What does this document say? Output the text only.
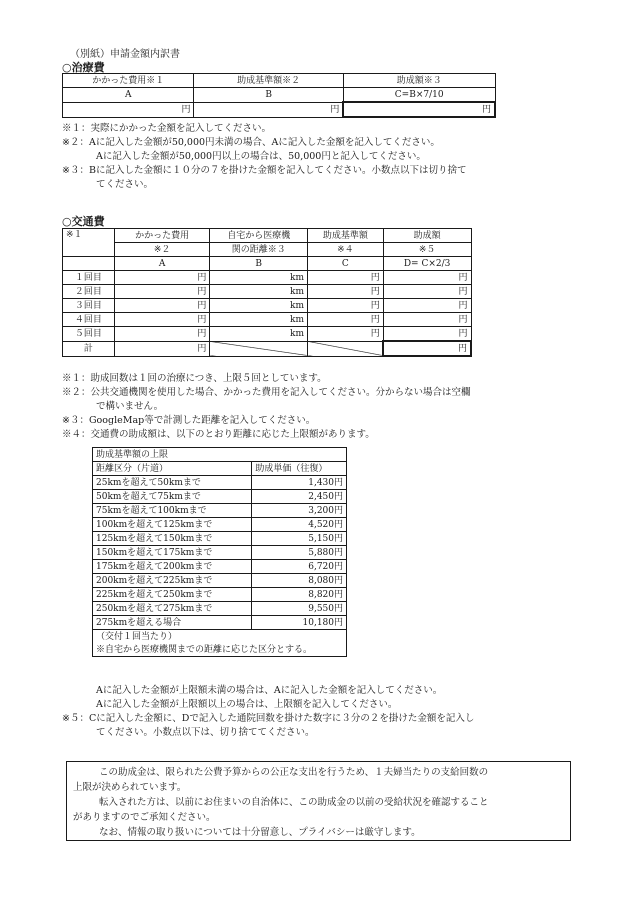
（別紙）申請金額内訳書
○治療費
かかった費用※１	助成基準額※２	助成額※３
A	B	C=B×7/10
円	円	円
※１：実際にかかった金額を記入してください。
※２：Aに記入した金額が50,000円未満の場合、Aに記入した金額を記入してください。
Aに記入した金額が50,000円以上の場合は、50,000円と記入してください。
※３：Bに記入した金額に１０分の７を掛けた金額を記入してください。小数点以下は切り捨て
てください。
○交通費
※１	かかった費用	自宅から医療機	助成基準額	助成額
	※２	関の距離※３	※４	※５
	A	B	C	D= C×2/3
１回目	円	km	円	円
２回目	円	km	円	円
３回目	円	km	円	円
４回目	円	km	円	円
５回目	円	km	円	円
計	円			円
※１：助成回数は１回の治療につき、上限５回としています。
※２：公共交通機関を使用した場合、かかった費用を記入してください。分からない場合は空欄
で構いません。
※３：GoogleMap等で計測した距離を記入してください。
※４：交通費の助成額は、以下のとおり距離に応じた上限額があります。
助成基準額の上限	
距離区分（片道）	助成単価（往復）
25kmを超えて50kmまで	1,430円
50kmを超えて75kmまで	2,450円
75kmを超えて100kmまで	3,200円
100kmを超えて125kmまで	4,520円
125kmを超えて150kmまで	5,150円
150kmを超えて175kmまで	5,880円
175kmを超えて200kmまで	6,720円
200kmを超えて225kmまで	8,080円
225kmを超えて250kmまで	8,820円
250kmを超えて275kmまで	9,550円
275kmを超える場合	10,180円
（交付１回当たり）	
※自宅から医療機関までの距離に応じた区分とする。	
Aに記入した金額が上限額未満の場合は、Aに記入した金額を記入してください。
Aに記入した金額が上限額以上の場合は、上限額を記入してください。
※５：Cに記入した金額に、Dで記入した通院回数を掛けた数字に３分の２を掛けた金額を記入し
てください。小数点以下は、切り捨ててください。
この助成金は、限られた公費予算からの公正な支出を行うため、１夫婦当たりの支給回数の
上限が決められています。
転入された方は、以前にお住まいの自治体に、この助成金の以前の受給状況を確認すること
がありますのでご承知ください。
なお、情報の取り扱いについては十分留意し、プライバシーは厳守します。
